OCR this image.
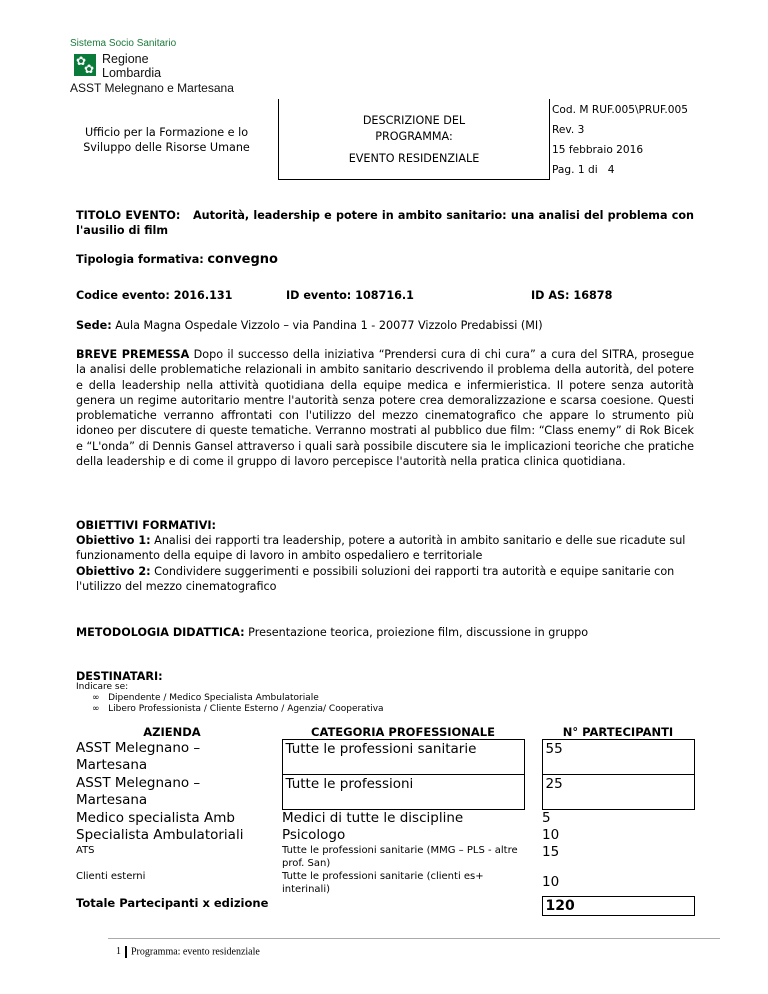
Sistema Socio Sanitario
✿
✿
Regione
Lombardia
ASST Melegnano e Martesana
Ufficio per la Formazione e lo Sviluppo delle Risorse Umane
DESCRIZIONE DEL
PROGRAMMA:
EVENTO RESIDENZIALE
Cod. M RUF.005\PRUF.005
Rev. 3
15 febbraio 2016
Pag. 1 di   4
TITOLO EVENTO: Autorità, leadership e potere in ambito sanitario: una analisi del problema con l'ausilio di film
Tipologia formativa: convegno
Codice evento: 2016.131	ID evento: 108716.1	ID AS: 16878
Sede: Aula Magna Ospedale Vizzolo – via Pandina 1 - 20077 Vizzolo Predabissi (MI)
BREVE PREMESSA Dopo il successo della iniziativa “Prendersi cura di chi cura” a cura del SITRA, prosegue la analisi delle problematiche relazionali in ambito sanitario descrivendo il problema della autorità, del potere e della leadership nella attività quotidiana della equipe medica e infermieristica. Il potere senza autorità genera un regime autoritario mentre l'autorità senza potere crea demoralizzazione e scarsa coesione. Questi problematiche verranno affrontati con l'utilizzo del mezzo cinematografico che appare lo strumento più idoneo per discutere di queste tematiche. Verranno mostrati al pubblico due film: “Class enemy” di Rok Bicek e “L'onda” di Dennis Gansel attraverso i quali sarà possibile discutere sia le implicazioni teoriche che pratiche della leadership e di come il gruppo di lavoro percepisce l'autorità nella pratica clinica quotidiana.
OBIETTIVI FORMATIVI:
Obiettivo 1: Analisi dei rapporti tra leadership, potere a autorità in ambito sanitario e delle sue ricadute sul funzionamento della equipe di lavoro in ambito ospedaliero e territoriale
Obiettivo 2: Condividere suggerimenti e possibili soluzioni dei rapporti tra autorità e equipe sanitarie con l'utilizzo del mezzo cinematografico
METODOLOGIA DIDATTICA: Presentazione teorica, proiezione film, discussione in gruppo
DESTINATARI:
Indicare se:
∞ Dipendente / Medico Specialista Ambulatoriale
∞ Libero Professionista / Cliente Esterno / Agenzia/ Cooperativa
AZIENDA		CATEGORIA PROFESSIONALE		N° PARTECIPANTI
ASST Melegnano – Martesana		Tutte le professioni sanitarie		55
ASST Melegnano – Martesana		Tutte le professioni		25
Medico specialista Amb		Medici di tutte le discipline		5
Specialista Ambulatoriali		Psicologo		10
ATS		Tutte le professioni sanitarie (MMG – PLS - altre prof. San)		15
Clienti esterni		Tutte le professioni sanitarie (clienti es+ interinali)		10
Totale Partecipanti x edizione				120
1 Programma: evento residenziale
